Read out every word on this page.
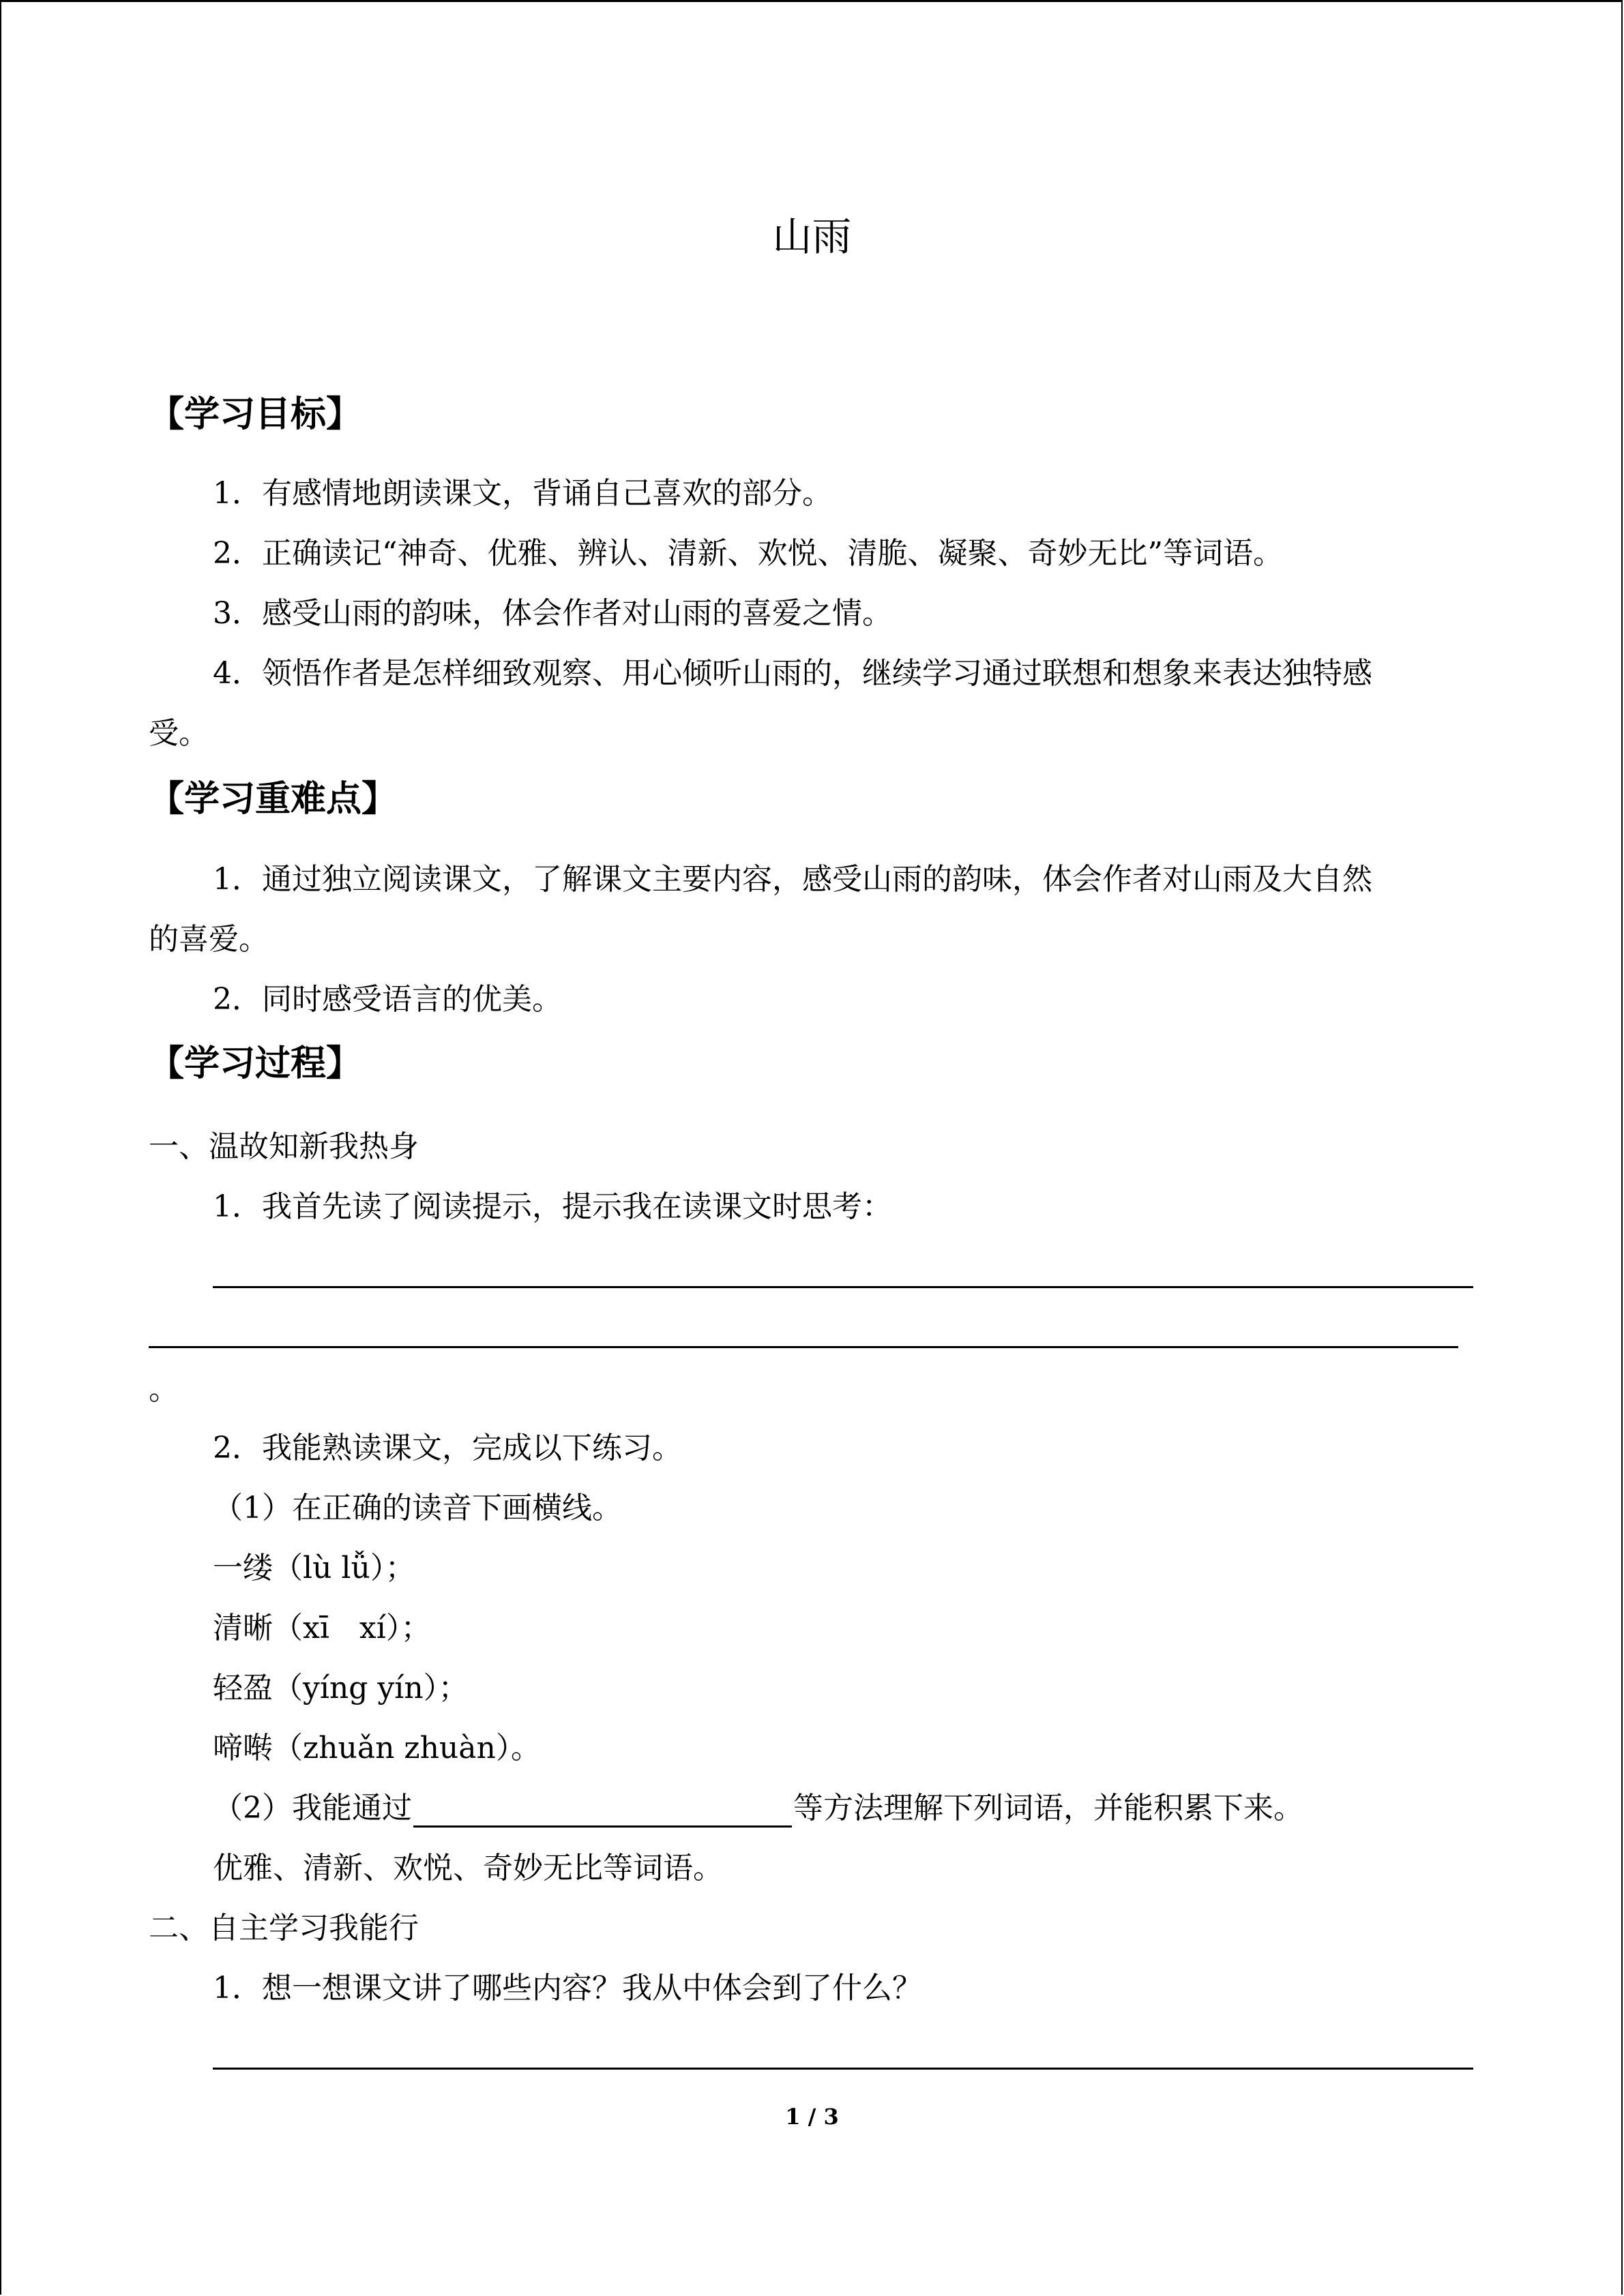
山雨
【学习目标】
1．有感情地朗读课文，背诵自己喜欢的部分。
2．正确读记“神奇、优雅、辨认、清新、欢悦、清脆、凝聚、奇妙无比”等词语。
3．感受山雨的韵味，体会作者对山雨的喜爱之情。
4．领悟作者是怎样细致观察、用心倾听山雨的，继续学习通过联想和想象来表达独特感
受。
【学习重难点】
1．通过独立阅读课文，了解课文主要内容，感受山雨的韵味，体会作者对山雨及大自然
的喜爱。
2．同时感受语言的优美。
【学习过程】
一、温故知新我热身
1．我首先读了阅读提示，提示我在读课文时思考：
。
2．我能熟读课文，完成以下练习。
（1）在正确的读音下画横线。
一缕（lù lǚ）；
清晰（xī　xí）；
轻盈（yíng yín）；
啼啭（zhuǎn zhuàn）。
（2）我能通过	等方法理解下列词语，并能积累下来。
优雅、清新、欢悦、奇妙无比等词语。
二、自主学习我能行
1．想一想课文讲了哪些内容？我从中体会到了什么？
1 / 3
